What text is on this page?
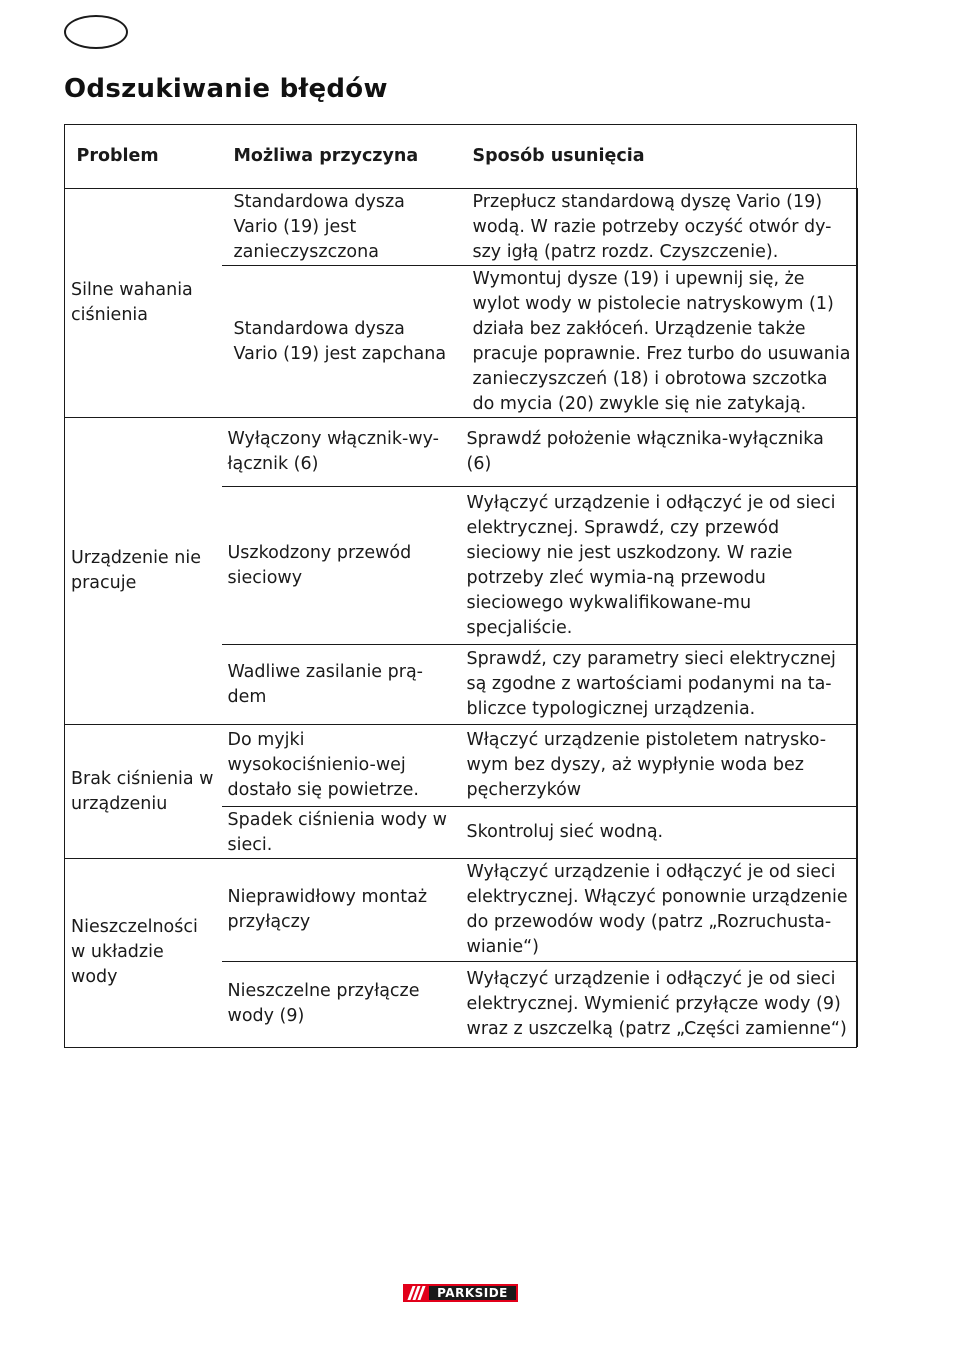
Odszukiwanie błędów
Problem	Możliwa przyczyna	Sposób usunięcia
Silne wahania ciśnienia	Standardowa dysza Vario (19) jest zanieczyszczona	Przepłucz standardową dyszę Vario (19) wodą. W razie potrzeby oczyść otwór dy-szy igłą (patrz rozdz. Czyszczenie).
	Standardowa dysza Vario (19) jest zapchana	Wymontuj dysze (19) i upewnij się, że wylot wody w pistolecie natryskowym (1) działa bez zakłóceń. Urządzenie także pracuje poprawnie. Frez turbo do usuwania zanieczyszczeń (18) i obrotowa szczotka do mycia (20) zwykle się nie zatykają.
Urządzenie nie pracuje	Wyłączony włącznik-wy-łącznik (6)	Sprawdź położenie włącznika-wyłącznika (6)
	Uszkodzony przewód sieciowy	Wyłączyć urządzenie i odłączyć je od sieci elektrycznej. Sprawdź, czy przewód sieciowy nie jest uszkodzony. W razie potrzeby zleć wymia-ną przewodu sieciowego wykwalifikowane-mu specjaliście.
	Wadliwe zasilanie prą-dem	Sprawdź, czy parametry sieci elektrycznej są zgodne z wartościami podanymi na ta-bliczce typologicznej urządzenia.
Brak ciśnienia w urządzeniu	Do myjki wysokociśnienio-wej dostało się powietrze.	Włączyć urządzenie pistoletem natrysko-wym bez dyszy, aż wypłynie woda bez pęcherzyków
	Spadek ciśnienia wody w sieci.	Skontroluj sieć wodną.
Nieszczelności w układzie wody	Nieprawidłowy montaż przyłączy	Wyłączyć urządzenie i odłączyć je od sieci elektrycznej. Włączyć ponownie urządzenie do przewodów wody (patrz „Rozruchusta-wianie“)
	Nieszczelne przyłącze wody (9)	Wyłączyć urządzenie i odłączyć je od sieci elektrycznej. Wymienić przyłącze wody (9) wraz z uszczelką (patrz „Części zamienne“)
PARKSIDE
